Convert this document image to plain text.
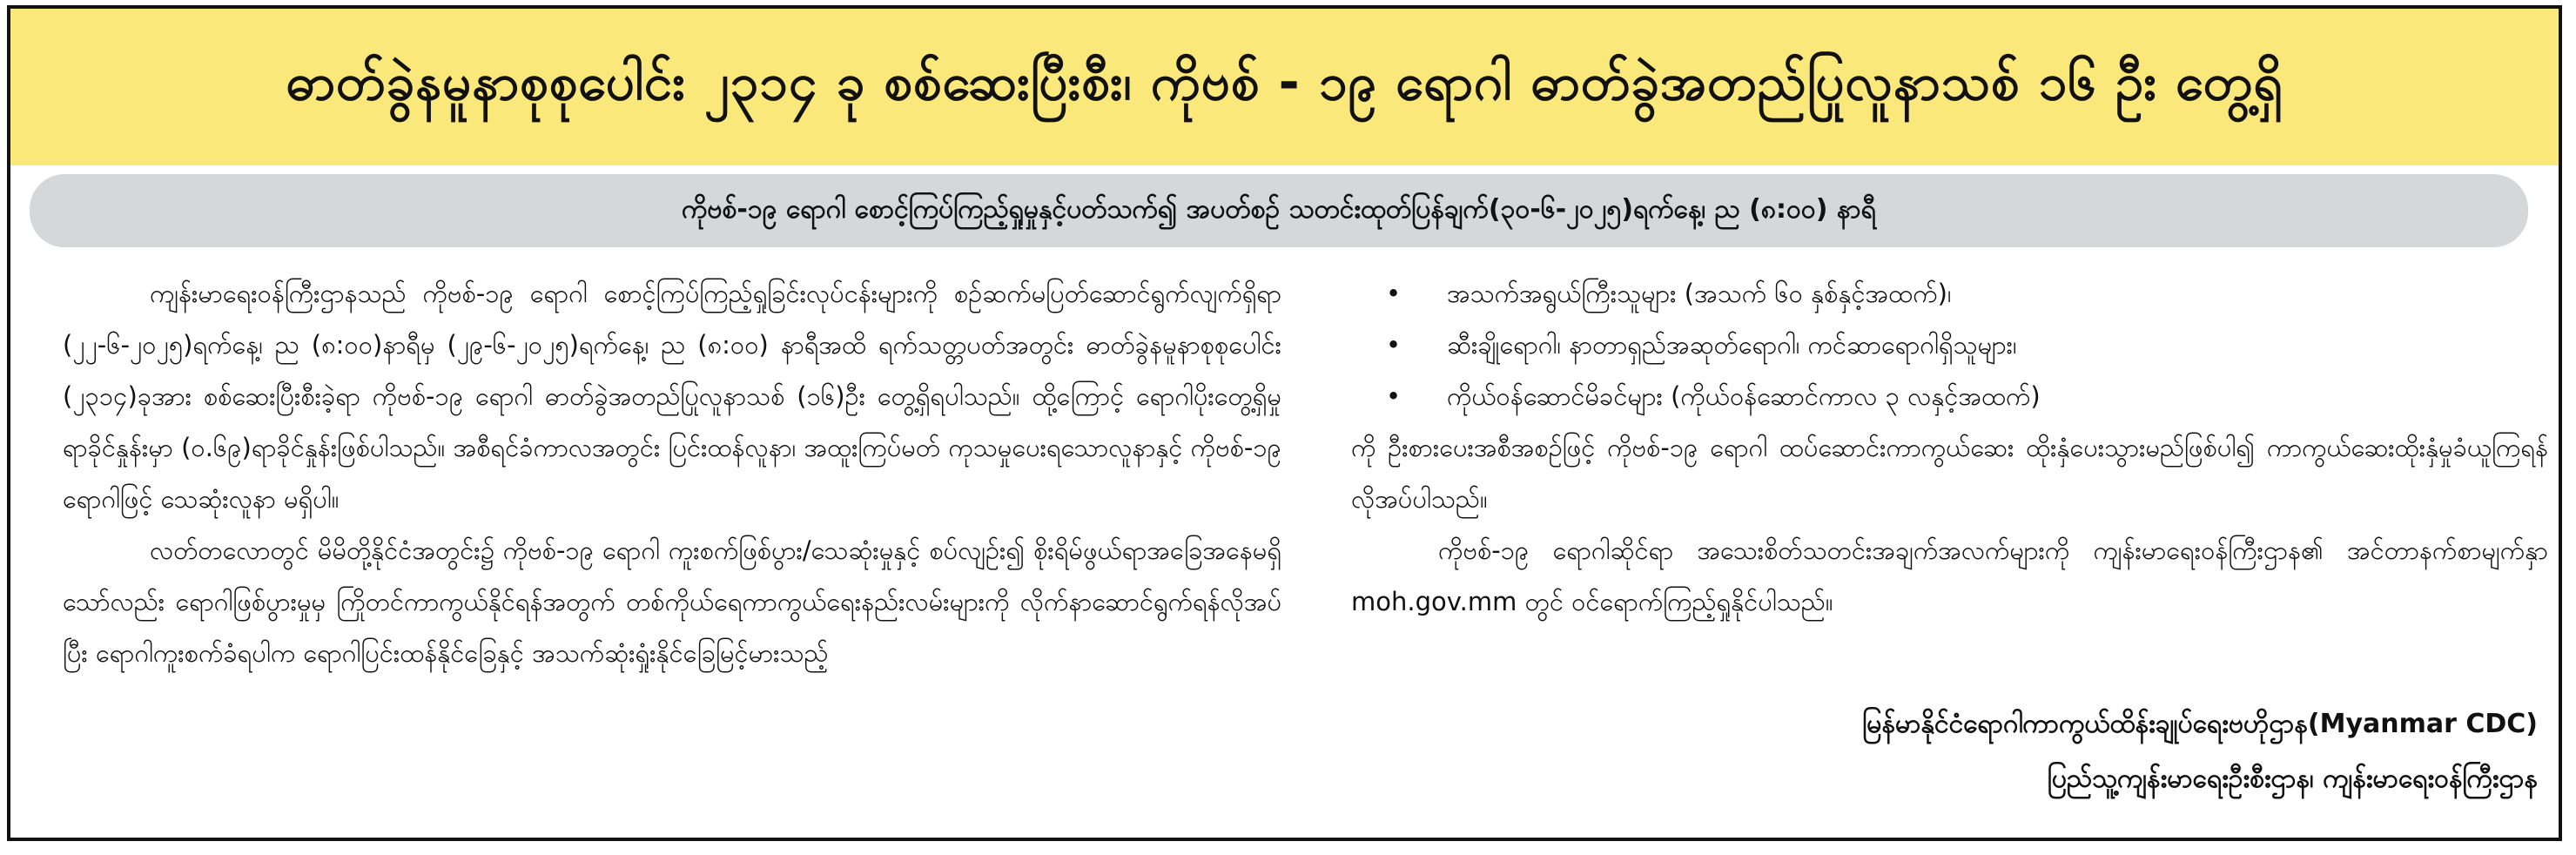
ဓာတ်ခွဲနမူနာစုစုပေါင်း ၂၃၁၄ ခု စစ်ဆေးပြီးစီး၊ ကိုဗစ် - ၁၉ ရောဂါ ဓာတ်ခွဲအတည်ပြုလူနာသစ် ၁၆ ဦး တွေ့ရှိ
ကိုဗစ်-၁၉ ရောဂါ စောင့်ကြပ်ကြည့်ရှုမှုနှင့်ပတ်သက်၍ အပတ်စဉ် သတင်းထုတ်ပြန်ချက်(၃၀-၆-၂၀၂၅)ရက်နေ့၊ ည (၈:၀၀) နာရီ

ကျန်းမာရေးဝန်ကြီးဌာနသည် ကိုဗစ်-၁၉ ရောဂါ စောင့်ကြပ်ကြည့်ရှုခြင်းလုပ်ငန်းများကို စဉ်ဆက်မပြတ်ဆောင်ရွက်လျက်ရှိရာ (၂၂-၆-၂၀၂၅)ရက်နေ့၊ ည (၈:၀၀)နာရီမှ (၂၉-၆-၂၀၂၅)ရက်နေ့၊ ည (၈:၀၀) နာရီအထိ ရက်သတ္တပတ်အတွင်း ဓာတ်ခွဲနမူနာစုစုပေါင်း (၂၃၁၄)ခုအား စစ်ဆေးပြီးစီးခဲ့ရာ ကိုဗစ်-၁၉ ရောဂါ ဓာတ်ခွဲအတည်ပြုလူနာသစ် (၁၆)ဦး တွေ့ရှိရပါသည်။ ထို့ကြောင့် ရောဂါပိုးတွေ့ရှိမှု ရာခိုင်နှုန်းမှာ (၀.၆၉)ရာခိုင်နှုန်းဖြစ်ပါသည်။ အစီရင်ခံကာလအတွင်း ပြင်းထန်လူနာ၊ အထူးကြပ်မတ် ကုသမှုပေးရသောလူနာနှင့် ကိုဗစ်-၁၉ ရောဂါဖြင့် သေဆုံးလူနာ မရှိပါ။

လတ်တလောတွင် မိမိတို့နိုင်ငံအတွင်း၌ ကိုဗစ်-၁၉ ရောဂါ ကူးစက်ဖြစ်ပွား/သေဆုံးမှုနှင့် စပ်လျဉ်း၍ စိုးရိမ်ဖွယ်ရာအခြေအနေမရှိသော်လည်း ရောဂါဖြစ်ပွားမှုမှ ကြိုတင်ကာကွယ်နိုင်ရန်အတွက် တစ်ကိုယ်ရေကာကွယ်ရေးနည်းလမ်းများကို လိုက်နာဆောင်ရွက်ရန်လိုအပ်ပြီး ရောဂါကူးစက်ခံရပါက ရောဂါပြင်းထန်နိုင်ခြေနှင့် အသက်ဆုံးရှုံးနိုင်ခြေမြင့်မားသည့်

• အသက်အရွယ်ကြီးသူများ (အသက် ၆၀ နှစ်နှင့်အထက်)၊
• ဆီးချိုရောဂါ၊ နာတာရှည်အဆုတ်ရောဂါ၊ ကင်ဆာရောဂါရှိသူများ၊
• ကိုယ်ဝန်ဆောင်မိခင်များ (ကိုယ်ဝန်ဆောင်ကာလ ၃ လနှင့်အထက်)

ကို ဦးစားပေးအစီအစဉ်ဖြင့် ကိုဗစ်-၁၉ ရောဂါ ထပ်ဆောင်းကာကွယ်ဆေး ထိုးနှံပေးသွားမည်ဖြစ်ပါ၍ ကာကွယ်ဆေးထိုးနှံမှုခံယူကြရန် လိုအပ်ပါသည်။

ကိုဗစ်-၁၉ ရောဂါဆိုင်ရာ အသေးစိတ်သတင်းအချက်အလက်များကို ကျန်းမာရေးဝန်ကြီးဌာန၏ အင်တာနက်စာမျက်နှာ moh.gov.mm တွင် ဝင်ရောက်ကြည့်ရှုနိုင်ပါသည်။

မြန်မာနိုင်ငံရောဂါကာကွယ်ထိန်းချုပ်ရေးဗဟိုဌာန(Myanmar CDC)
ပြည်သူ့ကျန်းမာရေးဦးစီးဌာန၊ ကျန်းမာရေးဝန်ကြီးဌာန
